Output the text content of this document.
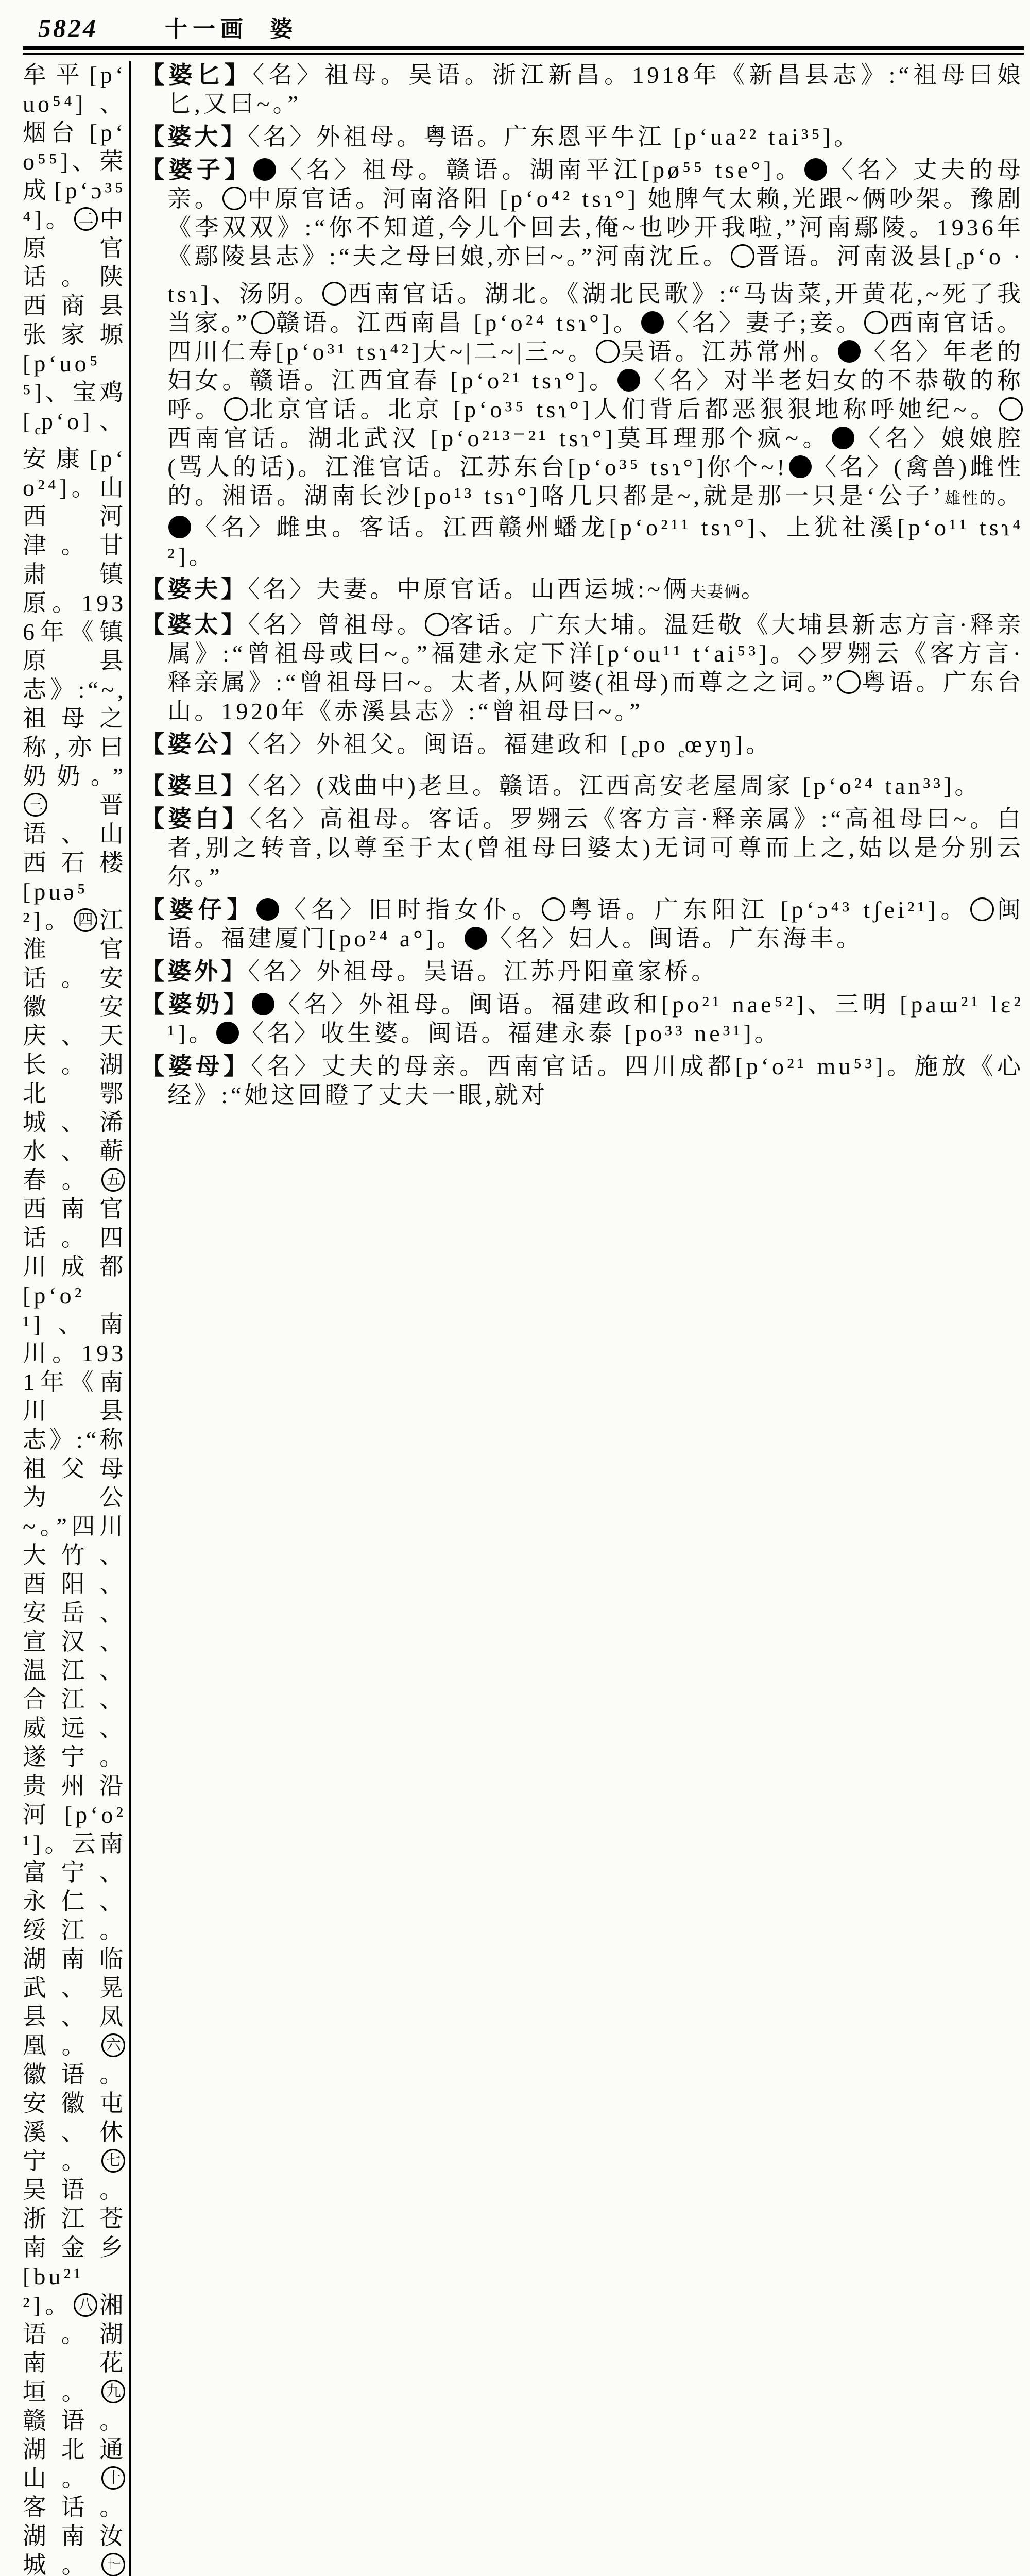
5824	十一画 婆

牟平[pʻuo⁵⁴]、烟台 [pʻo⁵⁵]、荣成[pʻɔ³⁵⁴]。 二 中原官话。陕西商县张家塬[pʻuo⁵⁵]、宝鸡$[_cpʻo]$、安康[pʻo²⁴]。山西河津。甘肃镇原。1936年《镇原县志》:“~,祖母之称,亦曰奶奶。”三 晋语、山西石楼[puə⁵²]。 四 江淮官话。安徽安庆、天长。湖北鄂城、浠水、蕲春。 五西南官话。四川成都 [pʻo²¹]、南川。1931年《南川县志》:“称祖父母为公~。”四川大竹、酉阳、安岳、宣汉、温江、合江、威远、遂宁。贵州沿河 [pʻo²¹]。云南富宁、永仁、绥江。湖南临武、晃县、凤凰。 六徽语。安徽屯溪、休宁。 七吴语。浙江苍南金乡 [bu²¹²]。 八 湘语。湖南花垣。 九赣语。湖北通山。 十客话。湖南汝城。 十一

【婆匕】〈名〉祖母。吴语。浙江新昌。1918年《新昌县志》:“祖母曰娘匕,又曰~。”

【婆大】〈名〉外祖母。粤语。广东恩平牛江 [pʻua²² tai³⁵]。

【婆子】 〈名〉祖母。赣语。湖南平江[pø⁵⁵ tse°]。 〈名〉丈夫的母亲。 中原官话。河南洛阳 [pʻo⁴² tsɿ°] 她脾气太赖,光跟~俩吵架。豫剧《李双双》:“你不知道,今儿个回去,俺~也吵开我啦,”河南鄢陵。1936年《鄢陵县志》:“夫之母曰娘,亦曰~。”河南沈丘。 晋语。河南汲县[$_cpʻo$ ·tsɿ]、汤阴。 西南官话。湖北。《湖北民歌》:“马齿菜,开黄花,~死了我当家。” 赣语。江西南昌 [pʻo²⁴ tsɿ°]。 〈名〉妻子;妾。 西南官话。四川仁寿[pʻo³¹ tsɿ⁴²]大~|二~|三~。 吴语。江苏常州。 〈名〉年老的妇女。赣语。江西宜春 [pʻo²¹ tsɿ°]。 〈名〉对半老妇女的不恭敬的称呼。 北京官话。北京 [pʻo³⁵ tsɿ°]人们背后都恶狠狠地称呼她纪~。西南官话。湖北武汉 [pʻo²¹³⁻²¹ tsɿ°]莫耳理那个疯~。 〈名〉娘娘腔(骂人的话)。江淮官话。江苏东台[pʻo³⁵ tsɿ°]你个~! 〈名〉(禽兽)雌性的。湘语。湖南长沙[po¹³ tsɿ°]咯几只都是~,就是那一只是‘公子’雄性的。〈名〉雌虫。客话。江西赣州蟠龙[pʻo²¹¹ tsɿ°]、上犹社溪[pʻo¹¹ tsɿ⁴²]。

【婆夫】〈名〉夫妻。中原官话。山西运城:~俩夫妻俩。

【婆太】〈名〉曾祖母。 客话。广东大埔。温廷敬《大埔县新志方言·释亲属》:“曾祖母或曰~。”福建永定下洋[pʻou¹¹ tʻai⁵³]。◇罗翙云《客方言·释亲属》:“曾祖母曰~。太者,从阿婆(祖母)而尊之之词。” 粤语。广东台山。1920年《赤溪县志》:“曾祖母曰~。”

【婆公】〈名〉外祖父。闽语。福建政和 [$_cpo$ $_c$œyŋ]。

【婆旦】〈名〉(戏曲中)老旦。赣语。江西高安老屋周家 [pʻo²⁴ tan³³]。

【婆白】〈名〉高祖母。客话。罗翙云《客方言·释亲属》:“高祖母曰~。白者,别之转音,以尊至于太(曾祖母曰婆太)无词可尊而上之,姑以是分别云尔。”

【婆仔】 〈名〉旧时指女仆。 粤语。广东阳江 [pʻɔ⁴³ tʃei²¹]。 闽语。福建厦门[po²⁴ a°]。 〈名〉妇人。闽语。广东海丰。

【婆外】〈名〉外祖母。吴语。江苏丹阳童家桥。

【婆奶】 〈名〉外祖母。闽语。福建政和[po²¹ nae⁵²]、三明 [paɯ²¹ lɛ²¹]。 〈名〉收生婆。闽语。福建永泰 [po³³ ne³¹]。

【婆母】〈名〉丈夫的母亲。西南官话。四川成都[pʻo²¹ mu⁵³]。施放《心经》:“她这回瞪了丈夫一眼,就对
